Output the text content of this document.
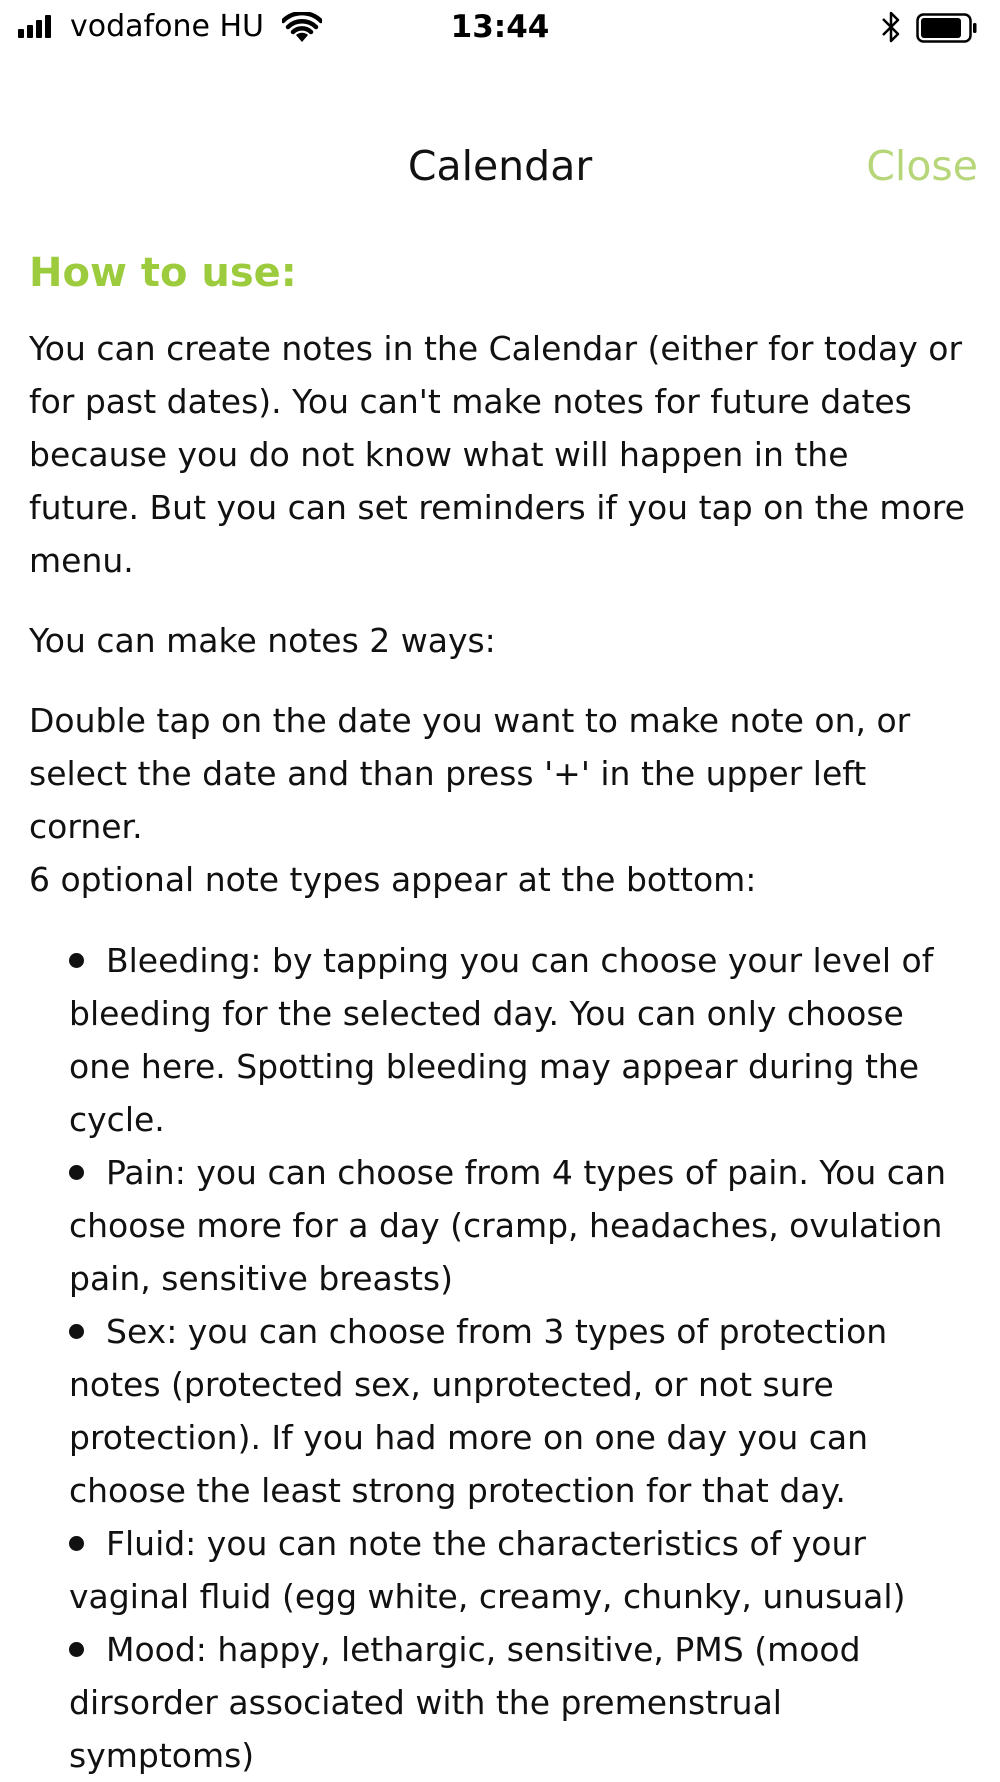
vodafone HU	13:44
Calendar	Close
How to use:

You can create notes in the Calendar (either for today or for past dates). You can't make notes for future dates because you do not know what will happen in the future. But you can set reminders if you tap on the more menu.

You can make notes 2 ways:

Double tap on the date you want to make note on, or select the date and than press '+' in the upper left corner.

6 optional note types appear at the bottom:

Bleeding: by tapping you can choose your level of bleeding for the selected day. You can only choose one here. Spotting bleeding may appear during the cycle.
Pain: you can choose from 4 types of pain. You can choose more for a day (cramp, headaches, ovulation pain, sensitive breasts)
Sex: you can choose from 3 types of protection notes (protected sex, unprotected, or not sure protection). If you had more on one day you can choose the least strong protection for that day.
Fluid: you can note the characteristics of your vaginal fluid (egg white, creamy, chunky, unusual)
Mood: happy, lethargic, sensitive, PMS (mood dirsorder associated with the premenstrual symptoms)
